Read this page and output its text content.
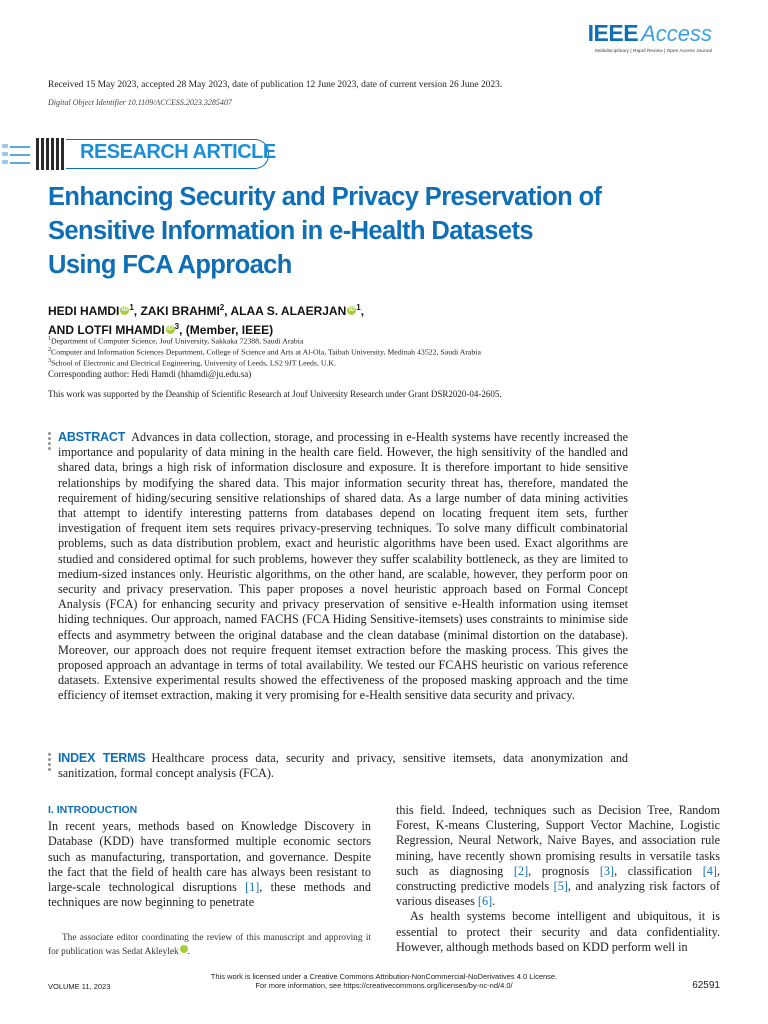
IEEE Access
Multidisciplinary | Rapid Review | Open Access Journal
Received 15 May 2023, accepted 28 May 2023, date of publication 12 June 2023, date of current version 26 June 2023.
Digital Object Identifier 10.1109/ACCESS.2023.3285407
RESEARCH ARTICLE
Enhancing Security and Privacy Preservation of
Sensitive Information in e-Health Datasets
Using FCA Approach
HEDI HAMDI iD $^1$, ZAKI BRAHMI$^2$, ALAA S. ALAERJAN iD $^1$,
AND LOTFI MHAMDI iD $^3$, (Member, IEEE)
$^1$Department of Computer Science, Jouf University, Sakkaka 72388, Saudi Arabia
$^2$Computer and Information Sciences Department, College of Science and Arts at Al-Ola, Taibah University, Medinah 43522, Saudi Arabia
$^3$School of Electronic and Electrical Engineering, University of Leeds, LS2 9JT Leeds, U.K.
Corresponding author: Hedi Hamdi (hhamdi@ju.edu.sa)
This work was supported by the Deanship of Scientific Research at Jouf University Research under Grant DSR2020-04-2605.
ABSTRACT Advances in data collection, storage, and processing in e-Health systems have recently increased the importance and popularity of data mining in the health care field. However, the high sensitivity of the handled and shared data, brings a high risk of information disclosure and exposure. It is therefore important to hide sensitive relationships by modifying the shared data. This major information security threat has, therefore, mandated the requirement of hiding/securing sensitive relationships of shared data. As a large number of data mining activities that attempt to identify interesting patterns from databases depend on locating frequent item sets, further investigation of frequent item sets requires privacy-preserving techniques. To solve many difficult combinatorial problems, such as data distribution problem, exact and heuristic algorithms have been used. Exact algorithms are studied and considered optimal for such problems, however they suffer scalability bottleneck, as they are limited to medium-sized instances only. Heuristic algorithms, on the other hand, are scalable, however, they perform poor on security and privacy preservation. This paper proposes a novel heuristic approach based on Formal Concept Analysis (FCA) for enhancing security and privacy preservation of sensitive e-Health information using itemset hiding techniques. Our approach, named FACHS (FCA Hiding Sensitive-itemsets) uses constraints to minimise side effects and asymmetry between the original database and the clean database (minimal distortion on the database). Moreover, our approach does not require frequent itemset extraction before the masking process. This gives the proposed approach an advantage in terms of total availability. We tested our FCAHS heuristic on various reference datasets. Extensive experimental results showed the effectiveness of the proposed masking approach and the time efficiency of itemset extraction, making it very promising for e-Health sensitive data security and privacy.
INDEX TERMS Healthcare process data, security and privacy, sensitive itemsets, data anonymization and sanitization, formal concept analysis (FCA).
I. INTRODUCTION
In recent years, methods based on Knowledge Discovery in Database (KDD) have transformed multiple economic sectors such as manufacturing, transportation, and governance. Despite the fact that the field of health care has always been resistant to large-scale technological disruptions [1], these methods and techniques are now beginning to penetrate
The associate editor coordinating the review of this manuscript and approving it for publication was Sedat Akleylek	iD.
this field. Indeed, techniques such as Decision Tree, Random Forest, K-means Clustering, Support Vector Machine, Logistic Regression, Neural Network, Naive Bayes, and association rule mining, have recently shown promising results in versatile tasks such as diagnosing [2], prognosis [3], classification [4], constructing predictive models [5], and analyzing risk factors of various diseases [6].
As health systems become intelligent and ubiquitous, it is essential to protect their security and data confidentiality. However, although methods based on KDD perform well in
This work is licensed under a Creative Commons Attribution-NonCommercial-NoDerivatives 4.0 License.
For more information, see https://creativecommons.org/licenses/by-nc-nd/4.0/
VOLUME 11, 2023	62591
